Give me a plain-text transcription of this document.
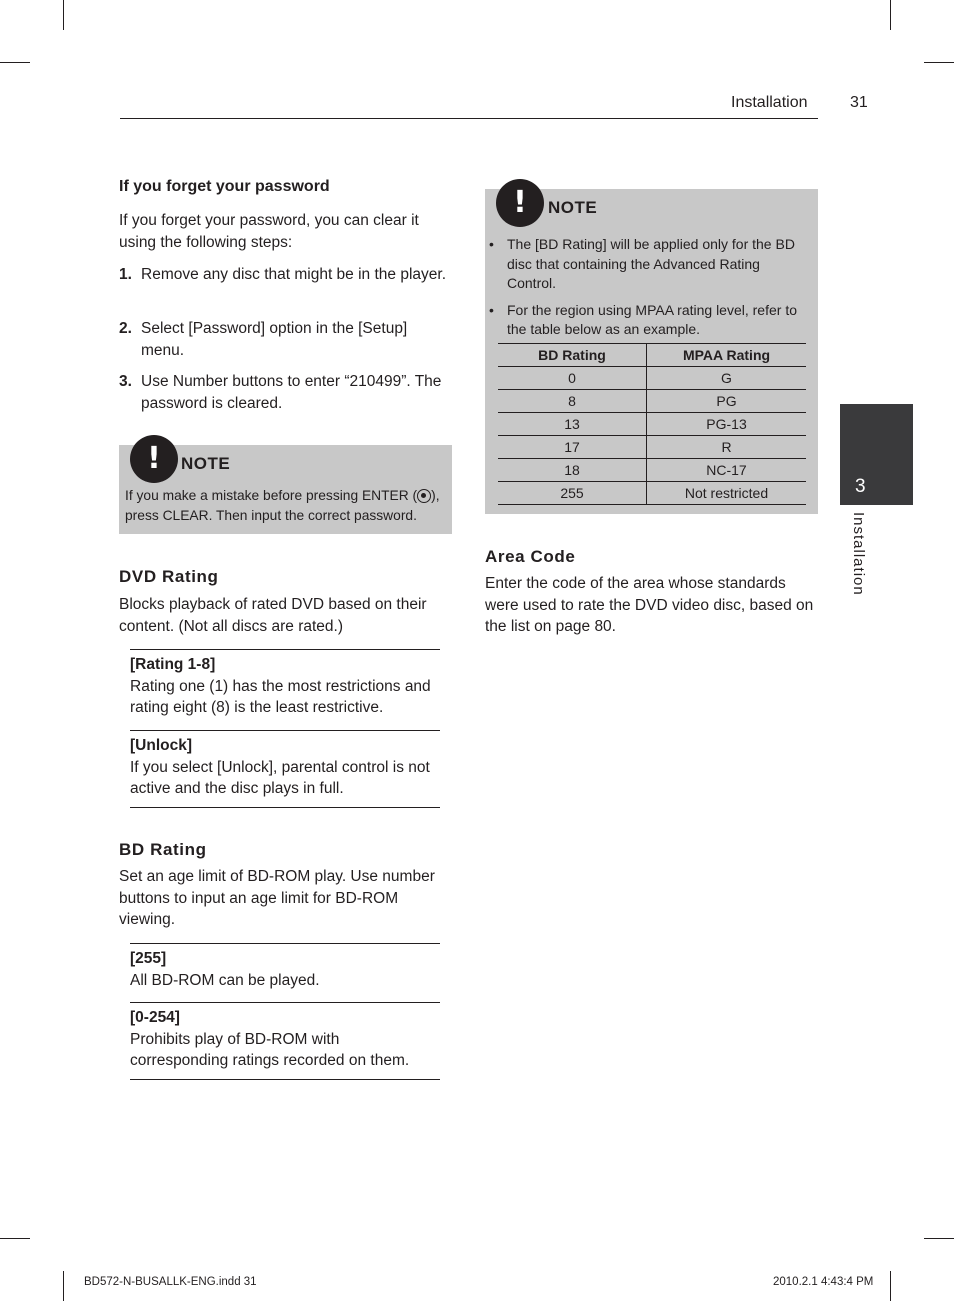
Installation	31
3
Installation
If you forget your password
If you forget your password, you can clear it using the following steps:
1. Remove any disc that might be in the player.
2. Select [Password] option in the [Setup] menu.
3. Use Number buttons to enter “210499”. The password is cleared.
!	NOTE
If you make a mistake before pressing ENTER ( ), press CLEAR. Then input the correct password.
DVD Rating
Blocks playback of rated DVD based on their content. (Not all discs are rated.)
[Rating 1-8]
Rating one (1) has the most restrictions and rating eight (8) is the least restrictive.
[Unlock]
If you select [Unlock], parental control is not active and the disc plays in full.
BD Rating
Set an age limit of BD-ROM play. Use number buttons to input an age limit for BD-ROM viewing.
[255]
All BD-ROM can be played.
[0-254]
Prohibits play of BD-ROM with corresponding ratings recorded on them.
!	NOTE
• The [BD Rating] will be applied only for the BD disc that containing the Advanced Rating Control.
• For the region using MPAA rating level, refer to the table below as an example.
BD Rating	MPAA Rating
0	G
8	PG
13	PG-13
17	R
18	NC-17
255	Not restricted
Area Code
Enter the code of the area whose standards were used to rate the DVD video disc, based on the list on page 80.
BD572-N-BUSALLK-ENG.indd 31	2010.2.1 4:43:4 PM
